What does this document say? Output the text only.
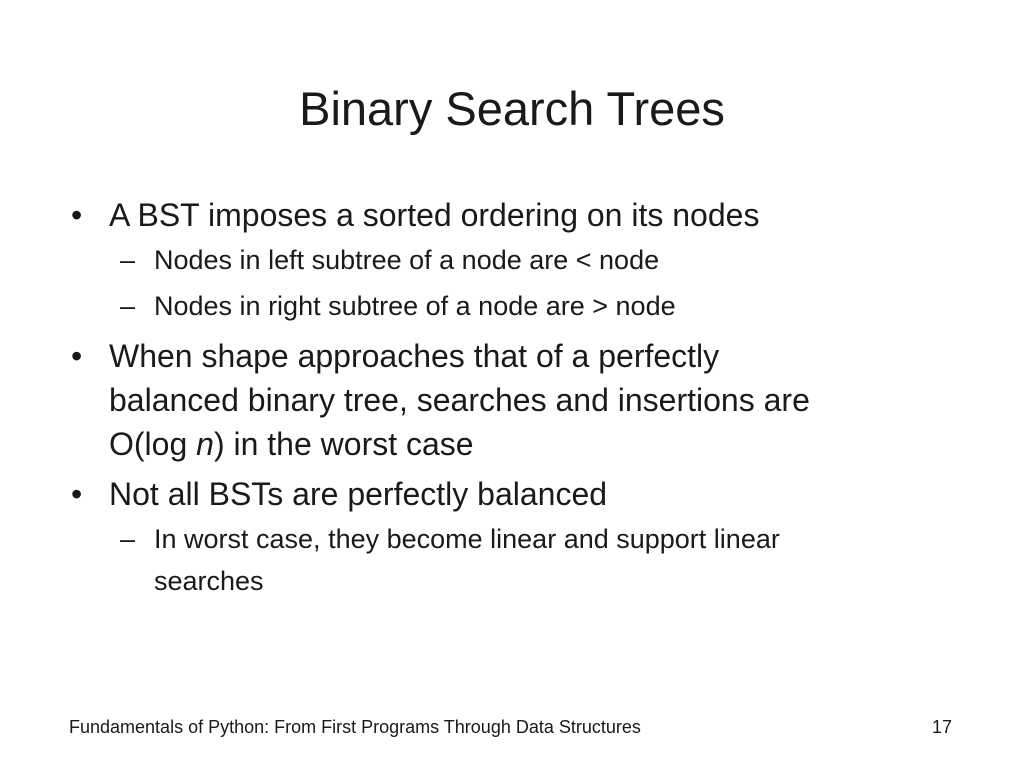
Binary Search Trees
• A BST imposes a sorted ordering on its nodes
– Nodes in left subtree of a node are < node
– Nodes in right subtree of a node are > node
• When shape approaches that of a perfectly
balanced binary tree, searches and insertions are
O(log n) in the worst case
• Not all BSTs are perfectly balanced
– In worst case, they become linear and support linear
searches
Fundamentals of Python: From First Programs Through Data Structures	17
